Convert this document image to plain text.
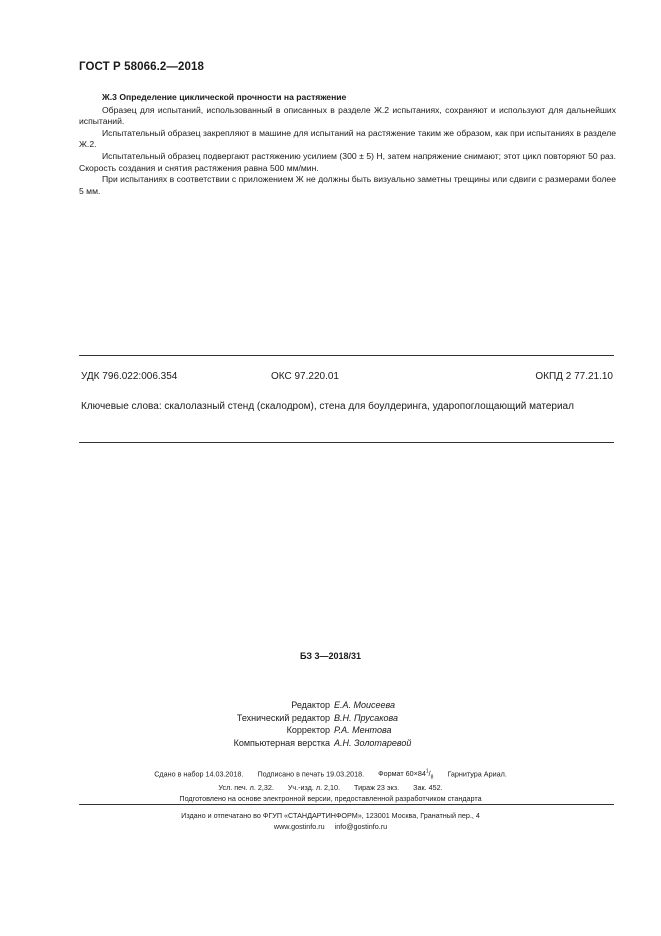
ГОСТ Р 58066.2—2018
Ж.3 Определение циклической прочности на растяжение

Образец для испытаний, использованный в описанных в разделе Ж.2 испытаниях, сохраняют и используют для дальнейших испытаний.

Испытательный образец закрепляют в машине для испытаний на растяжение таким же образом, как при испытаниях в разделе Ж.2.

Испытательный образец подвергают растяжению усилием (300 ± 5) Н, затем напряжение снимают; этот цикл повторяют 50 раз. Скорость создания и снятия растяжения равна 500 мм/мин.

При испытаниях в соответствии с приложением Ж не должны быть визуально заметны трещины или сдвиги с размерами более 5 мм.

УДК 796.022:006.354	ОКС 97.220.01	ОКПД 2 77.21.10
Ключевые слова: скалолазный стенд (скалодром), стена для боулдеринга, ударопоглощающий материал
БЗ 3—2018/31
Редактор Е.А. Моисеева
Технический редактор В.Н. Прусакова
Корректор Р.А. Ментова
Компьютерная верстка А.Н. Золотаревой
Сдано в набор 14.03.2018. Подписано в печать 19.03.2018. Формат $60\times 84^1/_8$ Гарнитура Ариал.
Усл. печ. л. 2,32. Уч.-изд. л. 2,10. Тираж 23 экз. Зак. 452.
Подготовлено на основе электронной версии, предоставленной разработчиком стандарта
Издано и отпечатано во ФГУП «СТАНДАРТИНФОРМ», 123001 Москва, Гранатный пер., 4
www.gostinfo.ru info@gostinfo.ru
